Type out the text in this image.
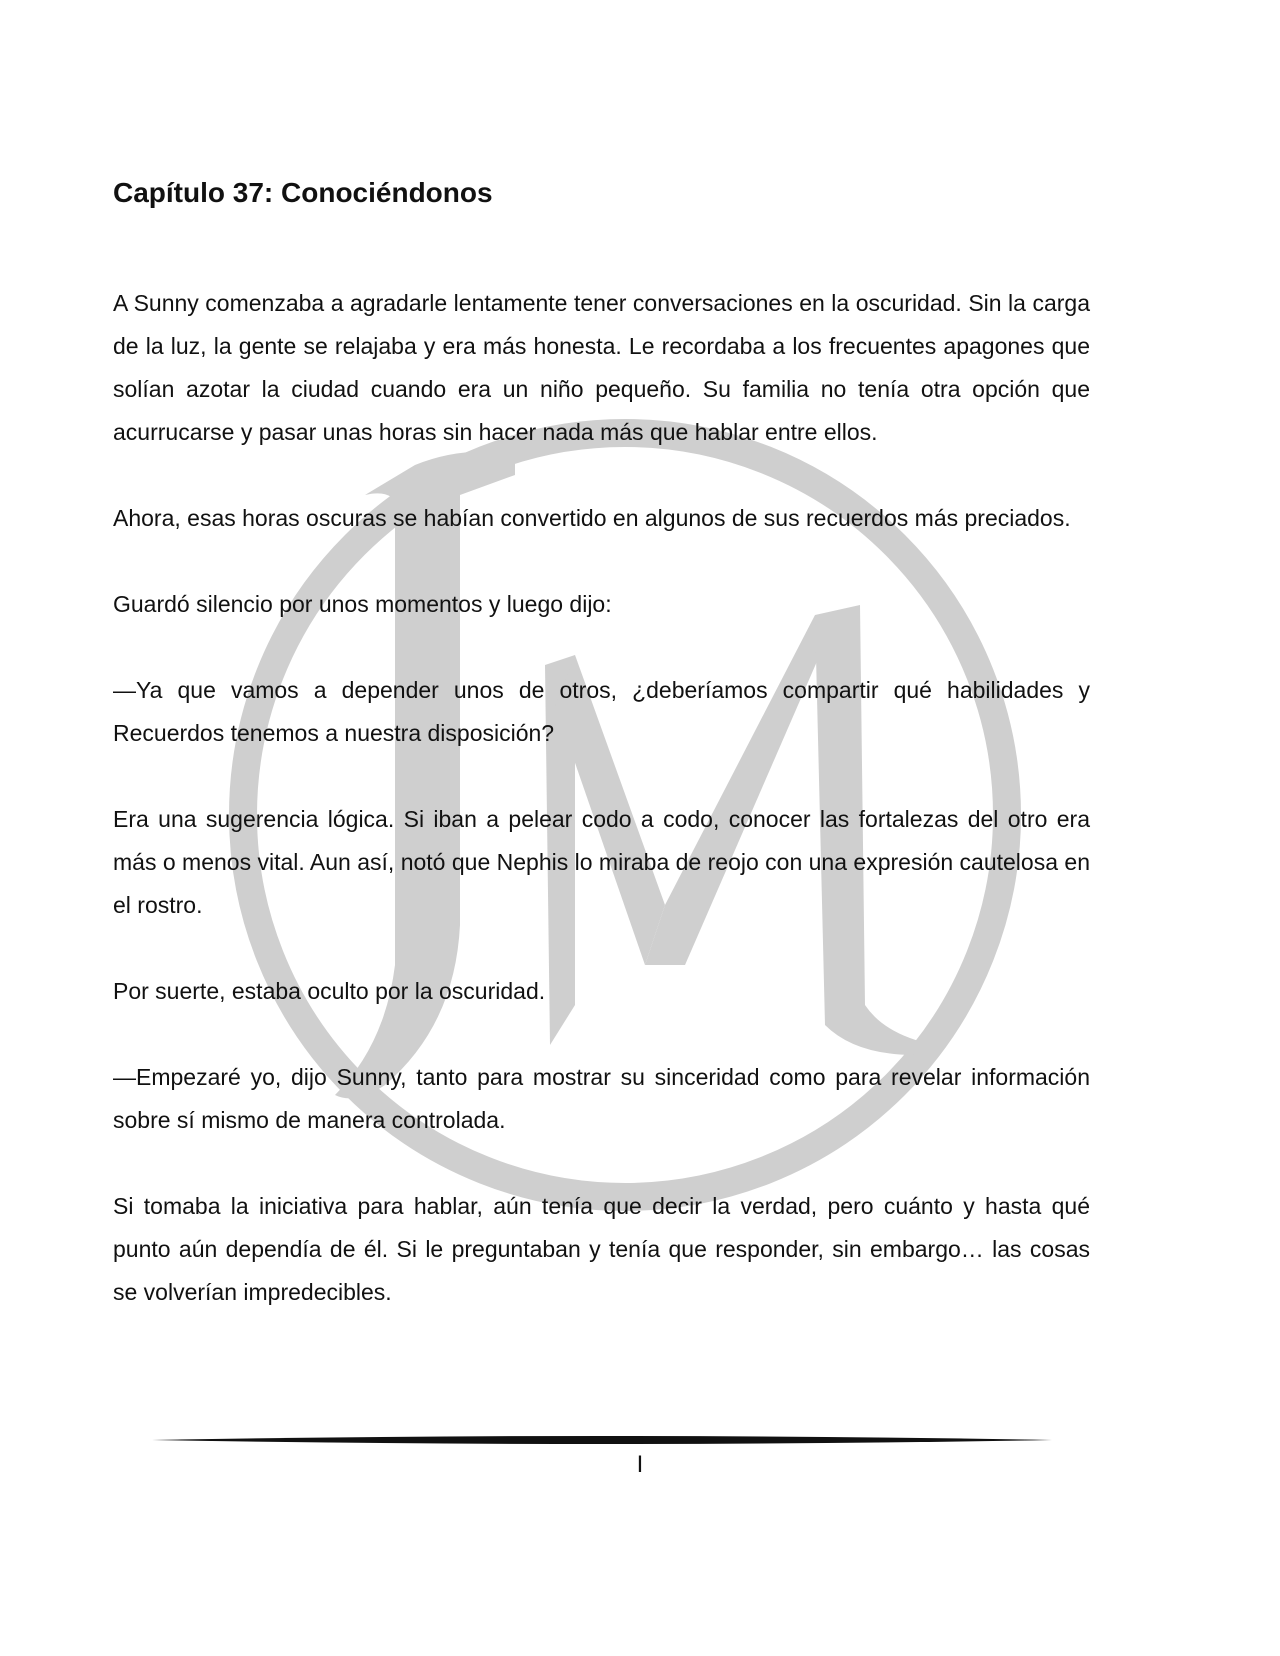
Capítulo 37: Conociéndonos

A Sunny comenzaba a agradarle lentamente tener conversaciones en la oscuridad. Sin la carga de la luz, la gente se relajaba y era más honesta. Le recordaba a los frecuentes apagones que solían azotar la ciudad cuando era un niño pequeño. Su familia no tenía otra opción que acurrucarse y pasar unas horas sin hacer nada más que hablar entre ellos.

Ahora, esas horas oscuras se habían convertido en algunos de sus recuerdos más preciados.

Guardó silencio por unos momentos y luego dijo:

—Ya que vamos a depender unos de otros, ¿deberíamos compartir qué habilidades y Recuerdos tenemos a nuestra disposición?

Era una sugerencia lógica. Si iban a pelear codo a codo, conocer las fortalezas del otro era más o menos vital. Aun así, notó que Nephis lo miraba de reojo con una expresión cautelosa en el rostro.

Por suerte, estaba oculto por la oscuridad.

—Empezaré yo, dijo Sunny, tanto para mostrar su sinceridad como para revelar información sobre sí mismo de manera controlada.

Si tomaba la iniciativa para hablar, aún tenía que decir la verdad, pero cuánto y hasta qué punto aún dependía de él. Si le preguntaban y tenía que responder, sin embargo… las cosas se volverían impredecibles.

I
